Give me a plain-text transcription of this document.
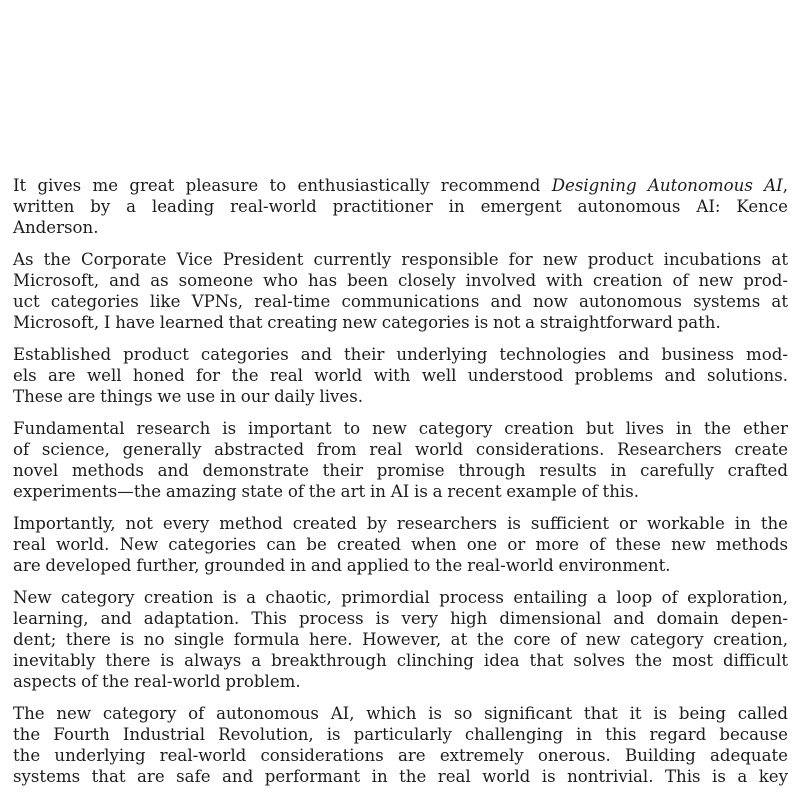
It gives me great pleasure to enthusiastically recommend Designing Autonomous AI,
written by a leading real-world practitioner in emergent autonomous AI: Kence
Anderson.
As the Corporate Vice President currently responsible for new product incubations at
Microsoft, and as someone who has been closely involved with creation of new prod-
uct categories like VPNs, real-time communications and now autonomous systems at
Microsoft, I have learned that creating new categories is not a straightforward path.
Established product categories and their underlying technologies and business mod-
els are well honed for the real world with well understood problems and solutions.
These are things we use in our daily lives.
Fundamental research is important to new category creation but lives in the ether
of science, generally abstracted from real world considerations. Researchers create
novel methods and demonstrate their promise through results in carefully crafted
experiments—the amazing state of the art in AI is a recent example of this.
Importantly, not every method created by researchers is sufficient or workable in the
real world. New categories can be created when one or more of these new methods
are developed further, grounded in and applied to the real-world environment.
New category creation is a chaotic, primordial process entailing a loop of exploration,
learning, and adaptation. This process is very high dimensional and domain depen-
dent; there is no single formula here. However, at the core of new category creation,
inevitably there is always a breakthrough clinching idea that solves the most difficult
aspects of the real-world problem.
The new category of autonomous AI, which is so significant that it is being called
the Fourth Industrial Revolution, is particularly challenging in this regard because
the underlying real-world considerations are extremely onerous. Building adequate
systems that are safe and performant in the real world is nontrivial. This is a key
